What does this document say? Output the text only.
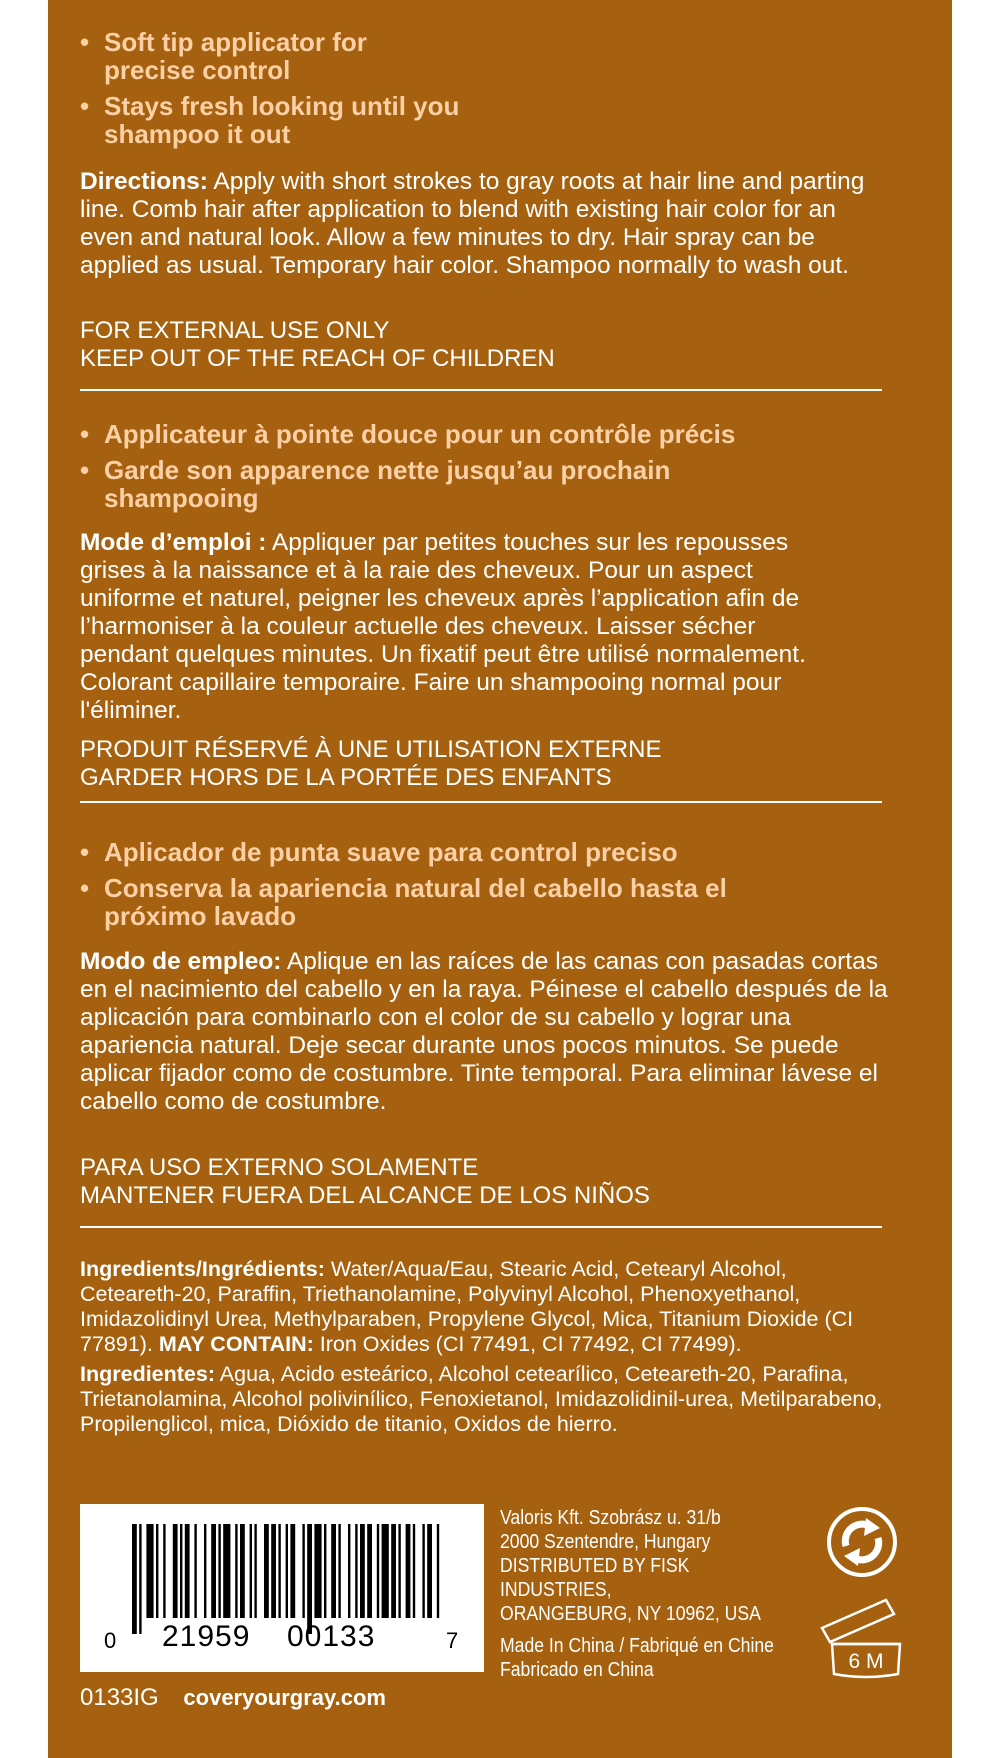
• Soft tip applicator for precise control
• Stays fresh looking until you shampoo it out
Directions: Apply with short strokes to gray roots at hair line and parting line. Comb hair after application to blend with existing hair color for an even and natural look. Allow a few minutes to dry. Hair spray can be applied as usual. Temporary hair color. Shampoo normally to wash out.
FOR EXTERNAL USE ONLY
KEEP OUT OF THE REACH OF CHILDREN
• Applicateur à pointe douce pour un contrôle précis
• Garde son apparence nette jusqu’au prochain shampooing
Mode d’emploi : Appliquer par petites touches sur les repousses grises à la naissance et à la raie des cheveux. Pour un aspect uniforme et naturel, peigner les cheveux après l’application afin de l’harmoniser à la couleur actuelle des cheveux. Laisser sécher pendant quelques minutes. Un fixatif peut être utilisé normalement. Colorant capillaire temporaire. Faire un shampooing normal pour l'éliminer.
PRODUIT RÉSERVÉ À UNE UTILISATION EXTERNE
GARDER HORS DE LA PORTÉE DES ENFANTS
• Aplicador de punta suave para control preciso
• Conserva la apariencia natural del cabello hasta el próximo lavado
Modo de empleo: Aplique en las raíces de las canas con pasadas cortas en el nacimiento del cabello y en la raya. Péinese el cabello después de la aplicación para combinarlo con el color de su cabello y lograr una apariencia natural. Deje secar durante unos pocos minutos. Se puede aplicar fijador como de costumbre. Tinte temporal. Para eliminar lávese el cabello como de costumbre.
PARA USO EXTERNO SOLAMENTE
MANTENER FUERA DEL ALCANCE DE LOS NIÑOS
Ingredients/Ingrédients: Water/Aqua/Eau, Stearic Acid, Cetearyl Alcohol, Ceteareth-20, Paraffin, Triethanolamine, Polyvinyl Alcohol, Phenoxyethanol, Imidazolidinyl Urea, Methylparaben, Propylene Glycol, Mica, Titanium Dioxide (CI 77891). MAY CONTAIN: Iron Oxides (CI 77491, CI 77492, CI 77499).
Ingredientes: Agua, Acido esteárico, Alcohol cetearílico, Ceteareth-20, Parafina, Trietanolamina, Alcohol polivinílico, Fenoxietanol, Imidazolidinil-urea, Metilparabeno, Propilenglicol, mica, Dióxido de titanio, Oxidos de hierro.
0 21959 00133	7
Valoris Kft. Szobrász u. 31/b
2000 Szentendre, Hungary
DISTRIBUTED BY FISK INDUSTRIES,
ORANGEBURG, NY 10962, USA
Made In China / Fabriqué en Chine
Fabricado en China	6 M
0133IG coveryourgray.com
